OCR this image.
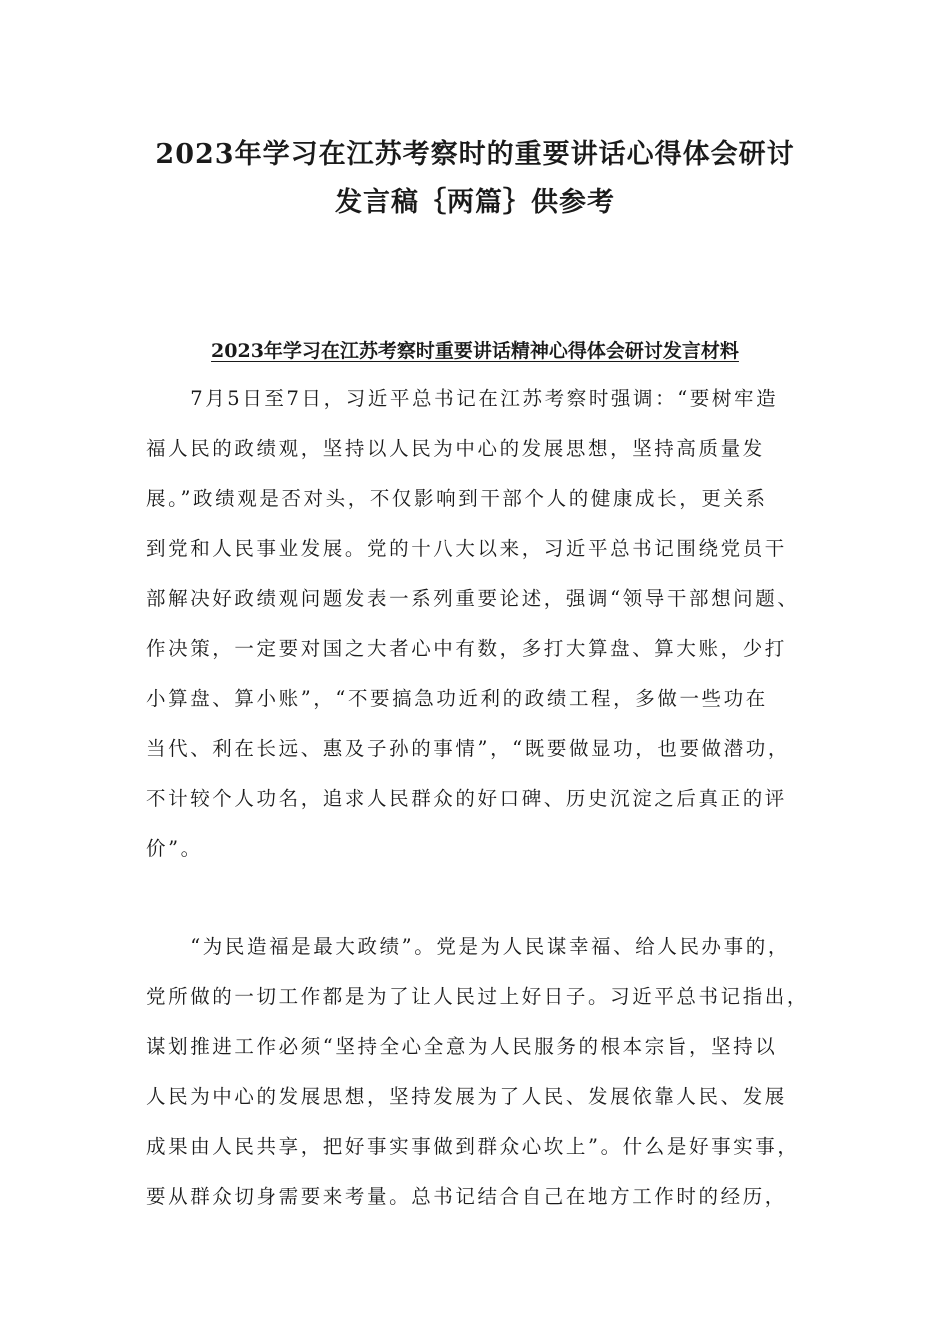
2023年学习在江苏考察时的重要讲话心得体会研讨
发言稿｛两篇｝供参考
2023年学习在江苏考察时重要讲话精神心得体会研讨发言材料
　　7月5日至7日，习近平总书记在江苏考察时强调：“要树牢造
福人民的政绩观，坚持以人民为中心的发展思想，坚持高质量发
展。”政绩观是否对头，不仅影响到干部个人的健康成长，更关系
到党和人民事业发展。党的十八大以来，习近平总书记围绕党员干
部解决好政绩观问题发表一系列重要论述，强调“领导干部想问题、
作决策，一定要对国之大者心中有数，多打大算盘、算大账，少打
小算盘、算小账”，“不要搞急功近利的政绩工程，多做一些功在
当代、利在长远、惠及子孙的事情”，“既要做显功，也要做潜功，
不计较个人功名，追求人民群众的好口碑、历史沉淀之后真正的评
价”。
　　“为民造福是最大政绩”。党是为人民谋幸福、给人民办事的，
党所做的一切工作都是为了让人民过上好日子。习近平总书记指出，
谋划推进工作必须“坚持全心全意为人民服务的根本宗旨，坚持以
人民为中心的发展思想，坚持发展为了人民、发展依靠人民、发展
成果由人民共享，把好事实事做到群众心坎上”。什么是好事实事，
要从群众切身需要来考量。总书记结合自己在地方工作时的经历，
